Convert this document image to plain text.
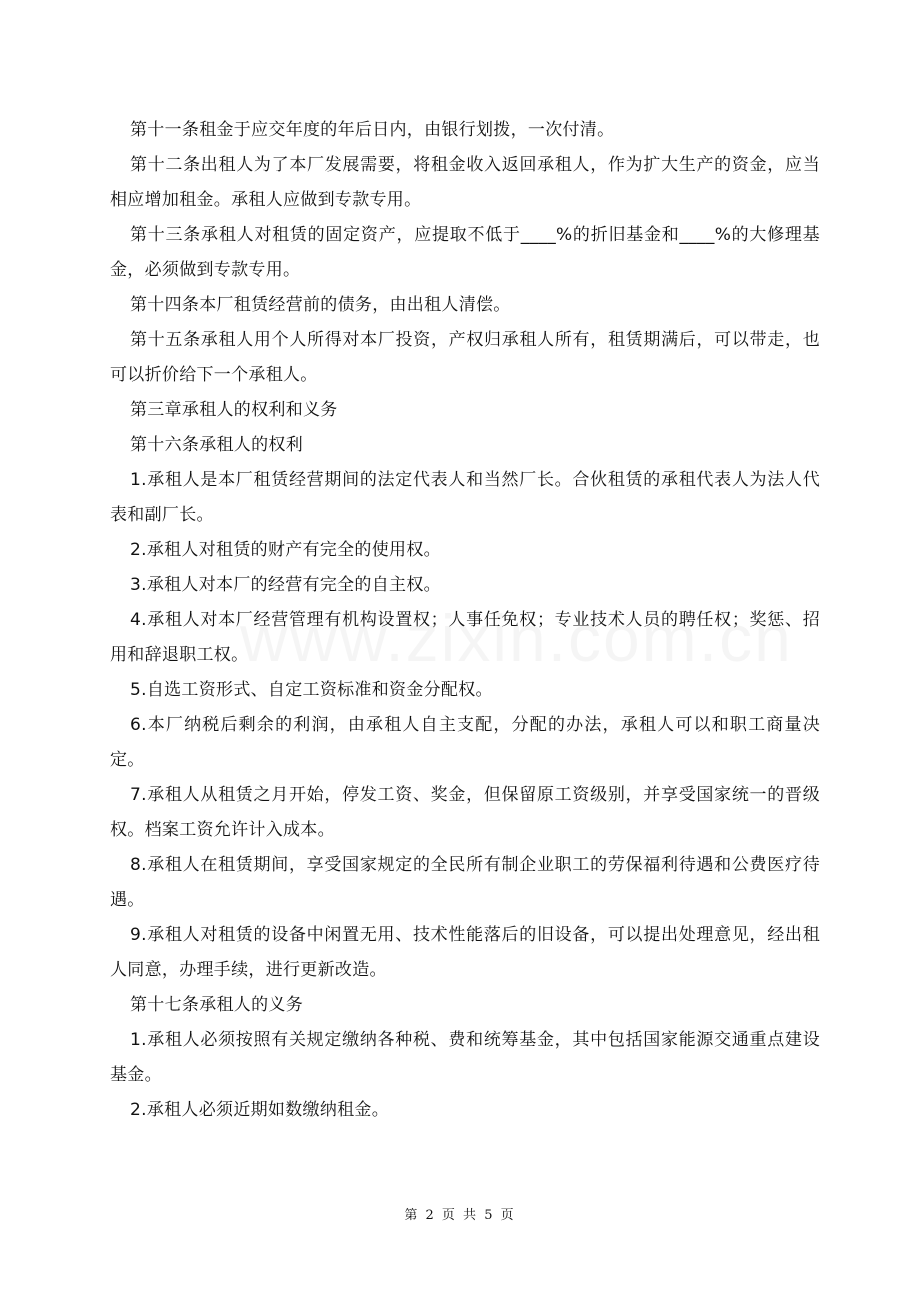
第十一条租金于应交年度的年后日内，由银行划拨，一次付清。

第十二条出租人为了本厂发展需要，将租金收入返回承租人，作为扩大生产的资金，应当相应增加租金。承租人应做到专款专用。

第十三条承租人对租赁的固定资产，应提取不低于____%的折旧基金和____%的大修理基金，必须做到专款专用。

第十四条本厂租赁经营前的债务，由出租人清偿。

第十五条承租人用个人所得对本厂投资，产权归承租人所有，租赁期满后，可以带走，也可以折价给下一个承租人。

第三章承租人的权利和义务

第十六条承租人的权利

1.承租人是本厂租赁经营期间的法定代表人和当然厂长。合伙租赁的承租代表人为法人代表和副厂长。

2.承租人对租赁的财产有完全的使用权。

3.承租人对本厂的经营有完全的自主权。

4.承租人对本厂经营管理有机构设置权；人事任免权；专业技术人员的聘任权；奖惩、招用和辞退职工权。

5.自选工资形式、自定工资标准和资金分配权。

6.本厂纳税后剩余的利润，由承租人自主支配，分配的办法，承租人可以和职工商量决定。

7.承租人从租赁之月开始，停发工资、奖金，但保留原工资级别，并享受国家统一的晋级权。档案工资允许计入成本。

8.承租人在租赁期间，享受国家规定的全民所有制企业职工的劳保福利待遇和公费医疗待遇。

9.承租人对租赁的设备中闲置无用、技术性能落后的旧设备，可以提出处理意见，经出租人同意，办理手续，进行更新改造。

第十七条承租人的义务

1.承租人必须按照有关规定缴纳各种税、费和统筹基金，其中包括国家能源交通重点建设基金。

2.承租人必须近期如数缴纳租金。

第 2 页 共 5 页
